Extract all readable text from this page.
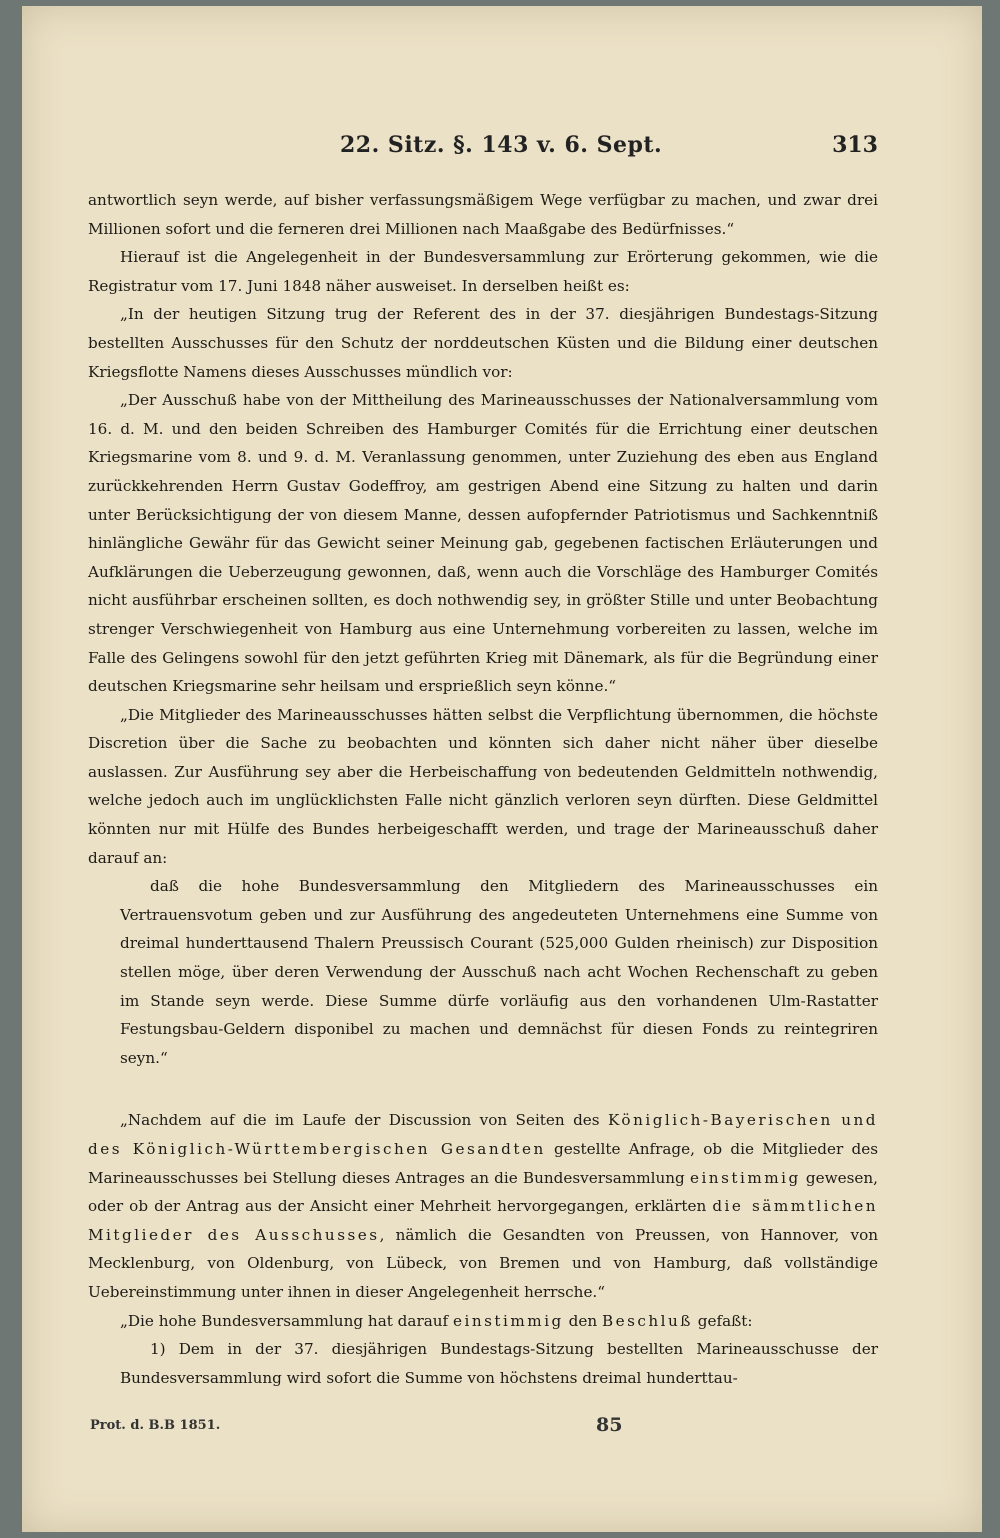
22. Sitz. §. 143 v. 6. Sept.	313

antwortlich seyn werde, auf bisher verfassungsmäßigem Wege verfügbar zu machen, und zwar drei Millionen sofort und die ferneren drei Millionen nach Maaßgabe des Bedürfnisses.“

Hierauf ist die Angelegenheit in der Bundesversammlung zur Erörterung gekommen, wie die Registratur vom 17. Juni 1848 näher ausweiset. In derselben heißt es:

„In der heutigen Sitzung trug der Referent des in der 37. diesjährigen Bundestags-Sitzung bestellten Ausschusses für den Schutz der norddeutschen Küsten und die Bildung einer deutschen Kriegsflotte Namens dieses Ausschusses mündlich vor:

„Der Ausschuß habe von der Mittheilung des Marineausschusses der Nationalversammlung vom 16. d. M. und den beiden Schreiben des Hamburger Comités für die Errichtung einer deutschen Kriegsmarine vom 8. und 9. d. M. Veranlassung genommen, unter Zuziehung des eben aus England zurückkehrenden Herrn Gustav Godeffroy, am gestrigen Abend eine Sitzung zu halten und darin unter Berücksichtigung der von diesem Manne, dessen aufopfernder Patriotismus und Sachkenntniß hinlängliche Gewähr für das Gewicht seiner Meinung gab, gegebenen factischen Erläuterungen und Aufklärungen die Ueberzeugung gewonnen, daß, wenn auch die Vorschläge des Hamburger Comités nicht ausführbar erscheinen sollten, es doch nothwendig sey, in größter Stille und unter Beobachtung strenger Verschwiegenheit von Hamburg aus eine Unternehmung vorbereiten zu lassen, welche im Falle des Gelingens sowohl für den jetzt geführten Krieg mit Dänemark, als für die Begründung einer deutschen Kriegsmarine sehr heilsam und ersprießlich seyn könne.“

„Die Mitglieder des Marineausschusses hätten selbst die Verpflichtung übernommen, die höchste Discretion über die Sache zu beobachten und könnten sich daher nicht näher über dieselbe auslassen. Zur Ausführung sey aber die Herbeischaffung von bedeutenden Geldmitteln nothwendig, welche jedoch auch im unglücklichsten Falle nicht gänzlich verloren seyn dürften. Diese Geldmittel könnten nur mit Hülfe des Bundes herbeigeschafft werden, und trage der Marineausschuß daher darauf an:

daß die hohe Bundesversammlung den Mitgliedern des Marineausschusses ein Vertrauensvotum geben und zur Ausführung des angedeuteten Unternehmens eine Summe von dreimal hunderttausend Thalern Preussisch Courant (525,000 Gulden rheinisch) zur Disposition stellen möge, über deren Verwendung der Ausschuß nach acht Wochen Rechenschaft zu geben im Stande seyn werde. Diese Summe dürfe vorläufig aus den vorhandenen Ulm-Rastatter Festungsbau-Geldern disponibel zu machen und demnächst für diesen Fonds zu reintegriren seyn.“

„Nachdem auf die im Laufe der Discussion von Seiten des Königlich-Bayerischen und des Königlich-Württembergischen Gesandten gestellte Anfrage, ob die Mitglieder des Marineausschusses bei Stellung dieses Antrages an die Bundesversammlung einstimmig gewesen, oder ob der Antrag aus der Ansicht einer Mehrheit hervorgegangen, erklärten die sämmtlichen Mitglieder des Ausschusses, nämlich die Gesandten von Preussen, von Hannover, von Mecklenburg, von Oldenburg, von Lübeck, von Bremen und von Hamburg, daß vollständige Uebereinstimmung unter ihnen in dieser Angelegenheit herrsche.“

„Die hohe Bundesversammlung hat darauf einstimmig den Beschluß gefaßt:

1) Dem in der 37. diesjährigen Bundestags-Sitzung bestellten Marineausschusse der Bundesversammlung wird sofort die Summe von höchstens dreimal hunderttau-

Prot. d. B.B 1851.	85
